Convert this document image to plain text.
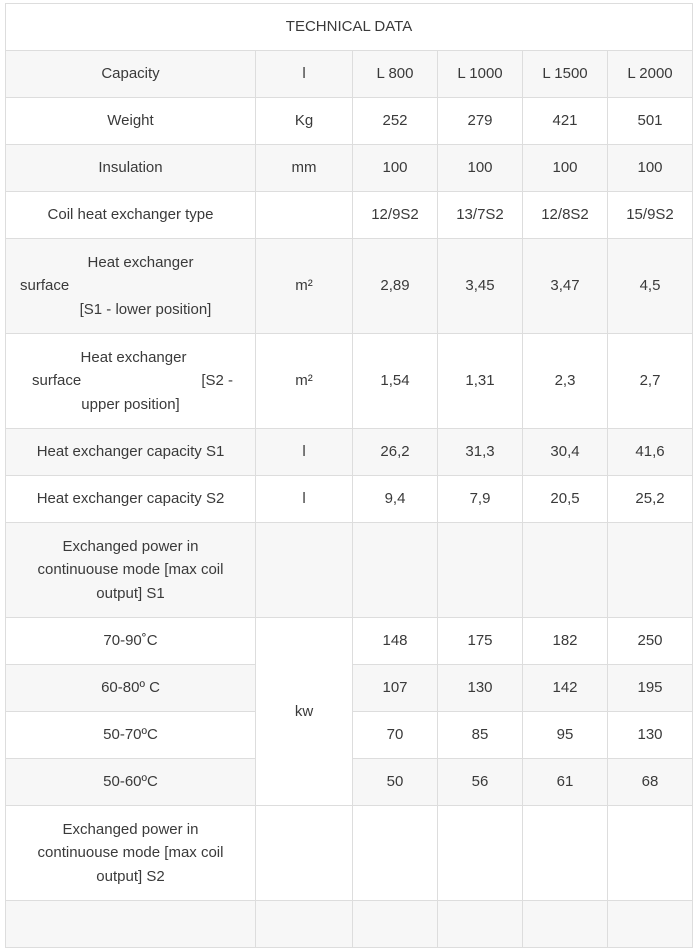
TECHNICAL DATA					
Capacity	l	L 800	L 1000	L 1500	L 2000
Weight	Kg	252	279	421	501
Insulation	mm	100	100	100	100
Coil heat exchanger type		12/9S2	13/7S2	12/8S2	15/9S2

Heat exchanger
surface
[S1 - lower position]	m²	2,89	3,45	3,47	4,5

Heat exchanger
surface [S2 -
upper position]	m²	1,54	1,31	2,3	2,7
Heat exchanger capacity S1	l	26,2	31,3	30,4	41,6
Heat exchanger capacity S2	l	9,4	7,9	20,5	25,2
Exchanged power in continuouse mode [max coil output] S1					
70-90˚C	kw	148	175	182	250
60-80º C		107	130	142	195
50-70ºC		70	85	95	130
50-60ºC		50	56	61	68
Exchanged power in continuouse mode [max coil output] S2					
